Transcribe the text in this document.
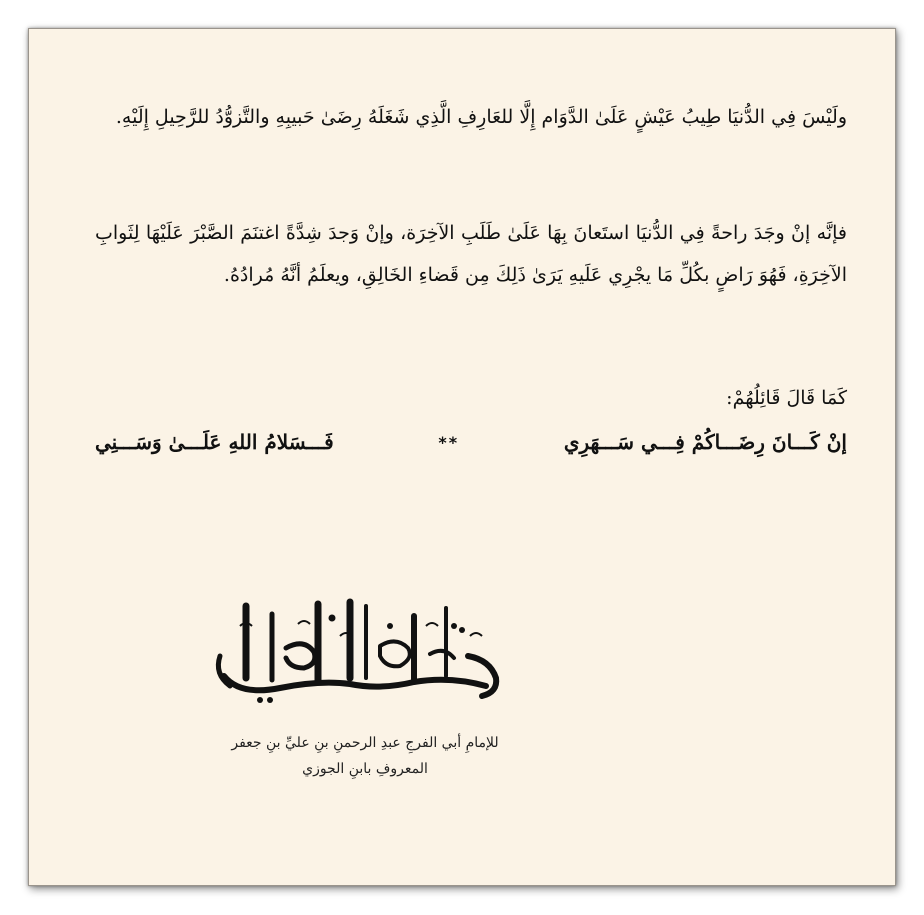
ولَيْسَ فِي الدُّنيَا طِيبُ عَيْشٍ عَلَىٰ الدَّوَام إِلَّا للعَارِفِ الَّذِي شَغَلَهُ رِضَىٰ حَبيبِهِ والتَّزوُّدُ للرَّحِيلِ إِلَيْهِ.

فإنَّه إنْ وجَدَ راحةً فِي الدُّنيَا استَعانَ بِهَا عَلَىٰ طَلَبِ الآخِرَة، وإنْ وَجدَ شِدَّةً اغتنَمَ الصَّبْرَ عَلَيْهَا لِثَوابِ الآخِرَةِ، فَهُوَ رَاضٍ بكُلِّ مَا يجْرِي عَلَيهِ يَرَىٰ ذَلِكَ مِن قَضاءِ الخَالِقِ، ويعلَمُ أنَّهُ مُرادُهُ.

كَمَا قَالَ قَائِلُهُمْ:

إنْ كَـــانَ رِضَـــاكُمْ فِـــي سَـــهَرِي
**
فَـــسَلامُ اللهِ عَلَـــىٰ وَسَـــنِي
صَيدُ الخَاطِر
للإمامِ أبي الفرجِ عبدِ الرحمنِ بنِ عليِّ بنِ جعفر
المعروفِ بابنِ الجوزي
